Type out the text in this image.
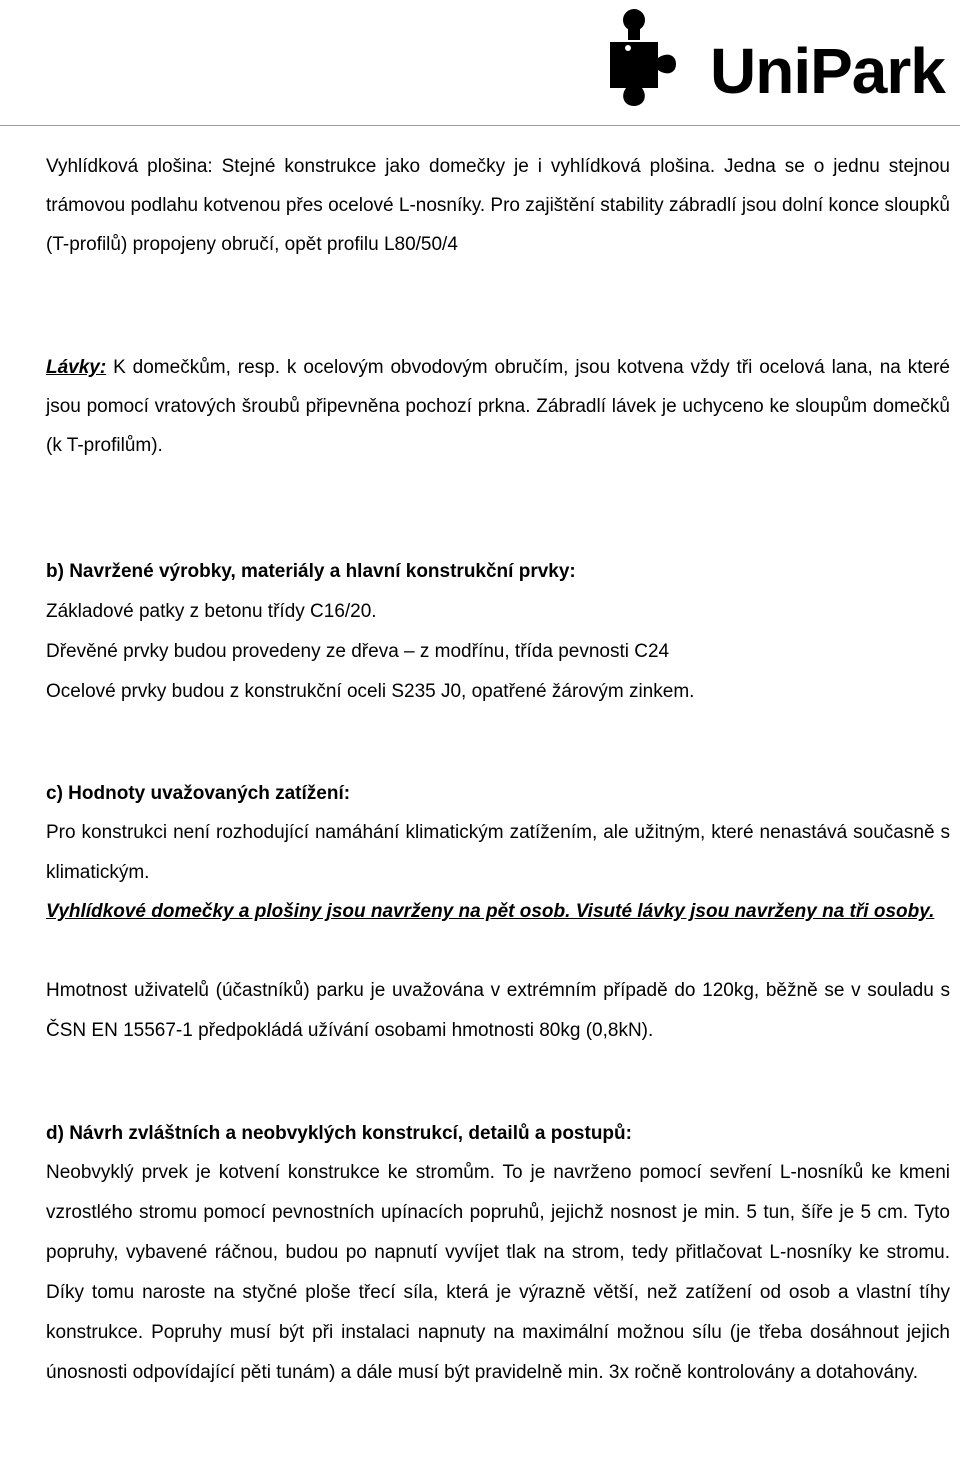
UniPark

Vyhlídková plošina: Stejné konstrukce jako domečky je i vyhlídková plošina. Jedna se o jednu stejnou trámovou podlahu kotvenou přes ocelové L-nosníky. Pro zajištění stability zábradlí jsou dolní konce sloupků (T-profilů) propojeny obručí, opět profilu L80/50/4

Lávky: K domečkům, resp. k ocelovým obvodovým obručím, jsou kotvena vždy tři ocelová lana, na které jsou pomocí vratových šroubů připevněna pochozí prkna. Zábradlí lávek je uchyceno ke sloupům domečků (k T-profilům).

b) Navržené výrobky, materiály a hlavní konstrukční prvky:

Základové patky z betonu třídy C16/20.
Dřevěné prvky budou provedeny ze dřeva – z modřínu, třída pevnosti C24
Ocelové prvky budou z konstrukční oceli S235 J0, opatřené žárovým zinkem.

c) Hodnoty uvažovaných zatížení:

Pro konstrukci není rozhodující namáhání klimatickým zatížením, ale užitným, které nenastává současně s klimatickým.

Vyhlídkové domečky a plošiny jsou navrženy na pět osob. Visuté lávky jsou navrženy na tři osoby.

Hmotnost uživatelů (účastníků) parku je uvažována v extrémním případě do 120kg, běžně se v souladu s ČSN EN 15567-1 předpokládá užívání osobami hmotnosti 80kg (0,8kN).

d) Návrh zvláštních a neobvyklých konstrukcí, detailů a postupů:

Neobvyklý prvek je kotvení konstrukce ke stromům. To je navrženo pomocí sevření L-nosníků ke kmeni vzrostlého stromu pomocí pevnostních upínacích popruhů, jejichž nosnost je min. 5 tun, šíře je 5 cm. Tyto popruhy, vybavené ráčnou, budou po napnutí vyvíjet tlak na strom, tedy přitlačovat L-nosníky ke stromu. Díky tomu naroste na styčné ploše třecí síla, která je výrazně větší, než zatížení od osob a vlastní tíhy konstrukce. Popruhy musí být při instalaci napnuty na maximální možnou sílu (je třeba dosáhnout jejich únosnosti odpovídající pěti tunám) a dále musí být pravidelně min. 3x ročně kontrolovány a dotahovány.
